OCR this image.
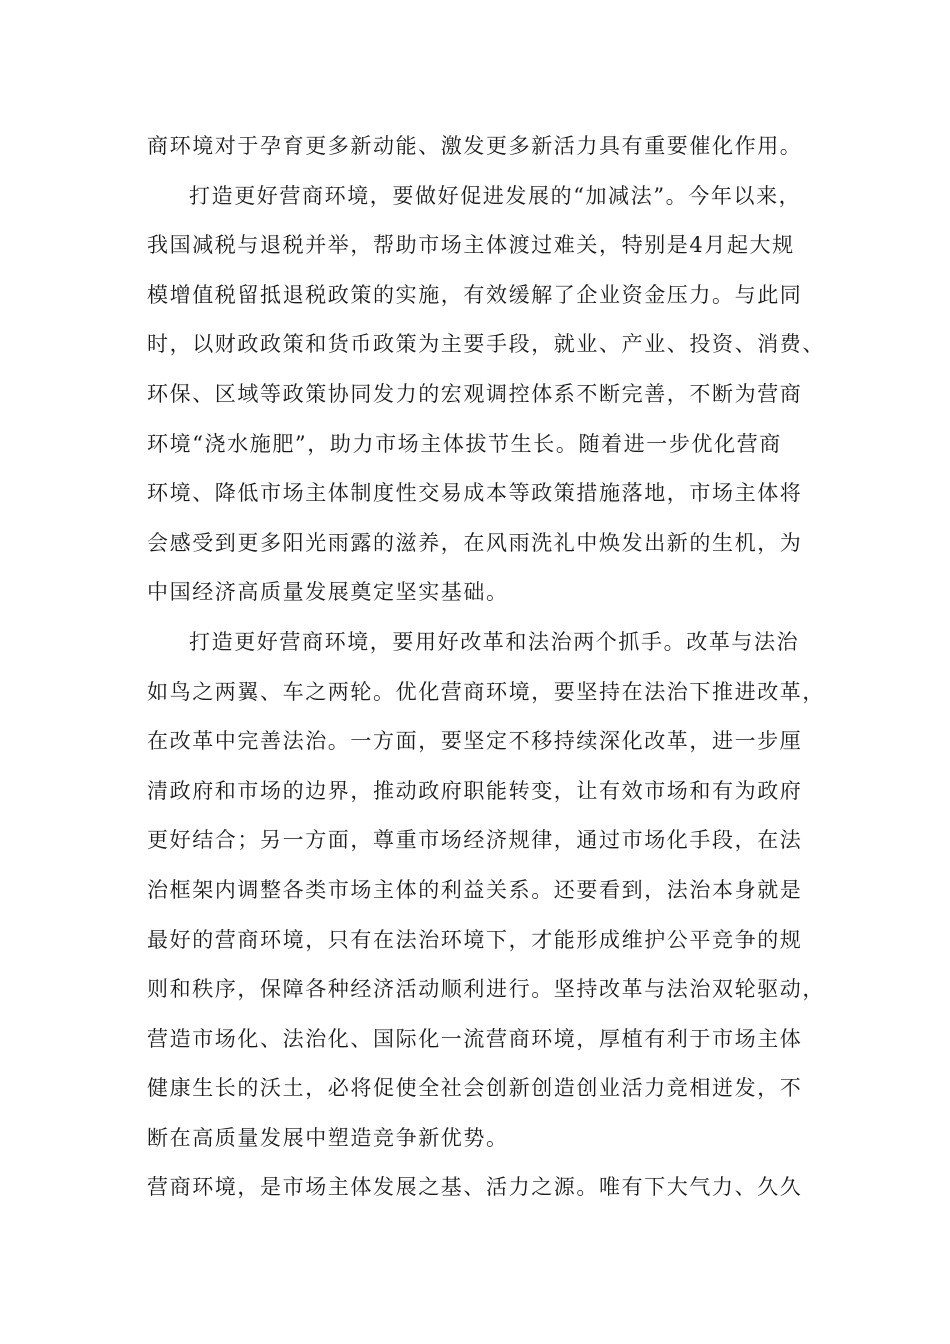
商环境对于孕育更多新动能、激发更多新活力具有重要催化作用。
打造更好营商环境，要做好促进发展的“加减法”。今年以来，
我国减税与退税并举，帮助市场主体渡过难关，特别是4月起大规
模增值税留抵退税政策的实施，有效缓解了企业资金压力。与此同
时，以财政政策和货币政策为主要手段，就业、产业、投资、消费、
环保、区域等政策协同发力的宏观调控体系不断完善，不断为营商
环境“浇水施肥”，助力市场主体拔节生长。随着进一步优化营商
环境、降低市场主体制度性交易成本等政策措施落地，市场主体将
会感受到更多阳光雨露的滋养，在风雨洗礼中焕发出新的生机，为
中国经济高质量发展奠定坚实基础。
打造更好营商环境，要用好改革和法治两个抓手。改革与法治
如鸟之两翼、车之两轮。优化营商环境，要坚持在法治下推进改革，
在改革中完善法治。一方面，要坚定不移持续深化改革，进一步厘
清政府和市场的边界，推动政府职能转变，让有效市场和有为政府
更好结合；另一方面，尊重市场经济规律，通过市场化手段，在法
治框架内调整各类市场主体的利益关系。还要看到，法治本身就是
最好的营商环境，只有在法治环境下，才能形成维护公平竞争的规
则和秩序，保障各种经济活动顺利进行。坚持改革与法治双轮驱动，
营造市场化、法治化、国际化一流营商环境，厚植有利于市场主体
健康生长的沃土，必将促使全社会创新创造创业活力竞相迸发，不
断在高质量发展中塑造竞争新优势。
营商环境，是市场主体发展之基、活力之源。唯有下大气力、久久
